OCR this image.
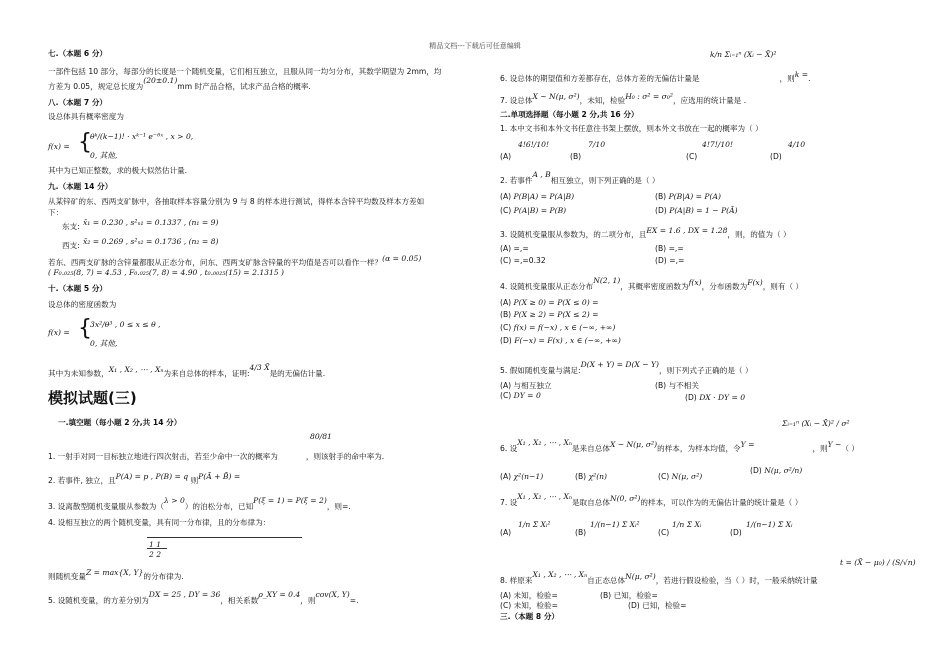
精品文档---下载后可任意编辑
七.（本题 6 分）
一部件包括 10 部分，每部分的长度是一个随机变量，它们相互独立，且服从同一均匀分布，其数学期望为 2mm，均
方差为 0.05，规定总长度为(20±0.1)mm 时产品合格，试求产品合格的概率.
八.（本题 7 分）
设总体具有概率密度为
f(x) = {
θᵏ/(k−1)! · xᵏ⁻¹ e⁻ᶿˣ , x > 0,
0, 其他,
其中为已知正整数，求的极大似然估计量.
九.（本题 14 分）
从某锌矿的东、西两支矿脉中，各抽取样本容量分别为 9 与 8 的样本进行测试，得样本含锌平均数及样本方差如
下：
东支: x̄₁ = 0.230 , s²ₙ₁ = 0.1337 , (n₁ = 9)
西支: x̄₂ = 0.269 , s²ₙ₂ = 0.1736 , (n₂ = 8)
若东、西两支矿脉的含锌量都服从正态分布，问东、西两支矿脉含锌量的平均值是否可以看作一样？(α = 0.05)
( F₀.₀₂₅(8, 7) = 4.53 , F₀.₀₂₅(7, 8) = 4.90 , t₀.₀₀₂₅(15) = 2.1315 )
十.（本题 5 分）
设总体的密度函数为
f(x) = {
3x²/θ³ , 0 ≤ x ≤ θ ,
0, 其他,
其中为未知参数，X₁ , X₂ , ⋯ , Xₙ为来自总体的样本，证明:4/3 X̄是的无偏估计量.
模拟试题(三)
一.填空题（每小题 2 分,共 14 分）
80/81
1. 一射手对同一目标独立地进行四次射击，若至少命中一次的概率为	，则该射手的命中率为.
2. 若事件, 独立，且P(A) = p , P(B) = q 则P(Ā + B̄) =
3. 设离散型随机变量服从参数为（λ > 0）的泊松分布，已知P(ξ = 1) = P(ξ = 2)，则=.
4. 设相互独立的两个随机变量，具有同一分布律，且的分布律为：
1 1
2 2
则随机变量Z = max{X, Y}的分布律为.
5. 设随机变量，的方差分别为DX = 25 , DY = 36，相关系数ρ_XY = 0.4，则cov(X, Y)=.
k/n Σᵢ₌₁ⁿ (Xᵢ − X̄)²
6. 设总体的期望值和方差都存在，总体方差的无偏估计量是	，则k =.
7. 设总体X ~ N(μ, σ²)，未知，检验H₀ : σ² = σ₀²，应选用的统计量是 .
二.单项选择题（每小题 2 分,共 16 分）
1. 本中文书和本外文书任意往书架上摆放，则本外文书放在一起的概率为（ ）
(A)
4!6!/10!
(B)
7/10
(C)
4!7!/10!
(D)
4/10
2. 若事件A , B相互独立，则下列正确的是（ ）
(A) P(B|A) = P(A|B)	(B) P(B|A) = P(A)
(C) P(A|B) = P(B)	(D) P(A|B) = 1 − P(Ā)
3. 设随机变量服从参数为，的二项分布，且EX = 1.6 , DX = 1.28，则，的值为（ ）
(A) =,=	(B) =,=
(C) =,=0.32	(D) =,=
4. 设随机变量服从正态分布N(2, 1)，其概率密度函数为f(x)，分布函数为F(x)，则有（ ）
(A) P(X ≥ 0) = P(X ≤ 0) =
(B) P(X ≥ 2) = P(X ≤ 2) =
(C) f(x) = f(−x) , x ∈ (−∞, +∞)
(D) F(−x) = F(x) , x ∈ (−∞, +∞)
5. 假如随机变量与满足:D(X + Y) = D(X − Y)，则下列式子正确的是（ ）
(A) 与相互独立	(B) 与不相关
(C) DY = 0	(D) DX · DY = 0
Σᵢ₌₁ⁿ (Xᵢ − X̄)² / σ²
6. 设X₁ , X₂ , ⋯ , Xₙ是来自总体X ~ N(μ, σ²)的样本，为样本均值，令Y =	，则Y ~（ ）
(A) χ²(n−1)	(B) χ²(n)	(C) N(μ, σ²)
(D) N(μ, σ²/n)
7. 设X₁ , X₂ , ⋯ , Xₙ是取自总体N(0, σ²)的样本，可以作为的无偏估计量的统计量是（ ）
(A)
1/n Σ Xᵢ²
(B)
1/(n−1) Σ Xᵢ²
(C)
1/n Σ Xᵢ
(D)
1/(n−1) Σ Xᵢ
t = (X̄ − μ₀) / (S/√n)
8. 样原来X₁ , X₂ , ⋯ , Xₙ自正态总体N(μ, σ²)，若进行假设检验，当（ ）时，一般采纳统计量
(A) 未知，检验=	(B) 已知，检验=
(C) 未知，检验=	(D) 已知，检验=
三.（本题 8 分）
